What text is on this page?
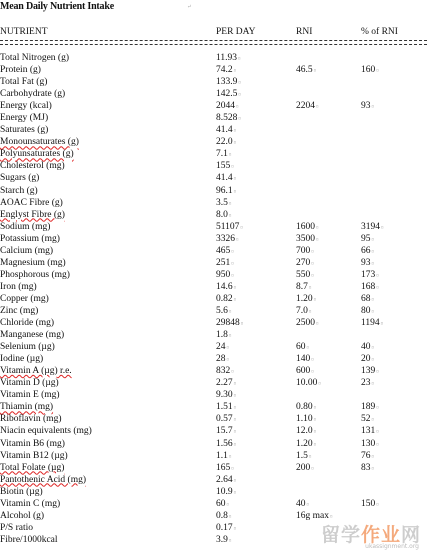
Mean Daily Nutrient Intake	↵
NUTRIENT	PER DAY	RNI	% of RNI
Total Nitrogen (g)	11.93¤
Protein (g)	74.2¤	46.5¤	160¤
Total Fat (g)	133.9¤
Carbohydrate (g)	142.5¤
Energy (kcal)	2044¤	2204¤	93¤
Energy (MJ)	8.528¤
Saturates (g)	41.4¤
Monounsaturates (g)	22.0¤
Polyunsaturates (g)	7.1¤
Cholesterol (mg)	155¤
Sugars (g)	41.4¤
Starch (g)	96.1¤
AOAC Fibre (g)	3.5¤
Englyst Fibre (g)	8.0¤
Sodium (mg)	51107¤	1600¤	3194¤
Potassium (mg)	3326¤	3500¤	95¤
Calcium (mg)	465¤	700¤	66¤
Magnesium (mg)	251¤	270¤	93¤
Phosphorous (mg)	950¤	550¤	173¤
Iron (mg)	14.6¤	8.7¤	168¤
Copper (mg)	0.82¤	1.20¤	68¤
Zinc (mg)	5.6¤	7.0¤	80¤
Chloride (mg)	29848¤	2500¤	1194¤
Manganese (mg)	1.8¤
Selenium (µg)	24¤	60¤	40¤
Iodine (µg)	28¤	140¤	20¤
Vitamin A (µg) r.e.	832¤	600¤	139¤
Vitamin D (µg)	2.27¤	10.00¤	23¤
Vitamin E (mg)	9.30¤
Thiamin (mg)	1.51¤	0.80¤	189¤
Riboflavin (mg)	0.57¤	1.10¤	52¤
Niacin equivalents (mg)	15.7¤	12.0¤	131¤
Vitamin B6 (mg)	1.56¤	1.20¤	130¤
Vitamin B12 (µg)	1.1¤	1.5¤	76¤
Total Folate (µg)	165¤	200¤	83¤
Pantothenic Acid (mg)	2.64¤
Biotin (µg)	10.9¤
Vitamin C (mg)	60¤	40¤	150¤
Alcohol (g)	0.8¤	16g max¤
P/S ratio	0.17¤
Fibre/1000kcal	3.9¤	留学作业网
ukassignment.org
